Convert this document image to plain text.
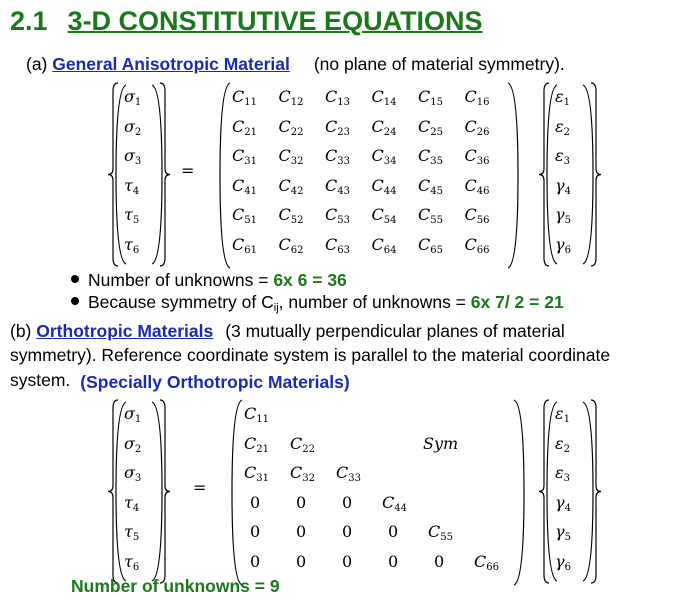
2.1 3-D CONSTITUTIVE EQUATIONS
(a) General Anisotropic Material (no plane of material symmetry).
$\sigma_1$
$\sigma_2$
$\sigma_3$
$\tau_4$
$\tau_5$
$\tau_6$
=
$C_{11}$ $C_{12}$ $C_{13}$ $C_{14}$ $C_{15}$ $C_{16}$
$C_{21}$ $C_{22}$ $C_{23}$ $C_{24}$ $C_{25}$ $C_{26}$
$C_{31}$ $C_{32}$ $C_{33}$ $C_{34}$ $C_{35}$ $C_{36}$
$C_{41}$ $C_{42}$ $C_{43}$ $C_{44}$ $C_{45}$ $C_{46}$
$C_{51}$ $C_{52}$ $C_{53}$ $C_{54}$ $C_{55}$ $C_{56}$
$C_{61}$ $C_{62}$ $C_{63}$ $C_{64}$ $C_{65}$ $C_{66}$
$\varepsilon_1$
$\varepsilon_2$
$\varepsilon_3$
$\gamma_4$
$\gamma_5$
$\gamma_6$
Number of unknowns = 6x 6 = 36
Because symmetry of Cij, number of unknowns = 6x 7/ 2 = 21
(b) Orthotropic Materials (3 mutually perpendicular planes of material
symmetry). Reference coordinate system is parallel to the material coordinate
system. (Specially Orthotropic Materials)
$\sigma_1$
$\sigma_2$
$\sigma_3$
$\tau_4$
$\tau_5$
$\tau_6$
=
$C_{11}$
$C_{21}$ $C_{22}$
$C_{31}$ $C_{32}$ $C_{33}$
0 0 0 $C_{44}$
0 0 0 0 $C_{55}$
0 0 0 0 0 $C_{66}$
Sym
$\varepsilon_1$
$\varepsilon_2$
$\varepsilon_3$
$\gamma_4$
$\gamma_5$
$\gamma_6$
Number of unknowns = 9
